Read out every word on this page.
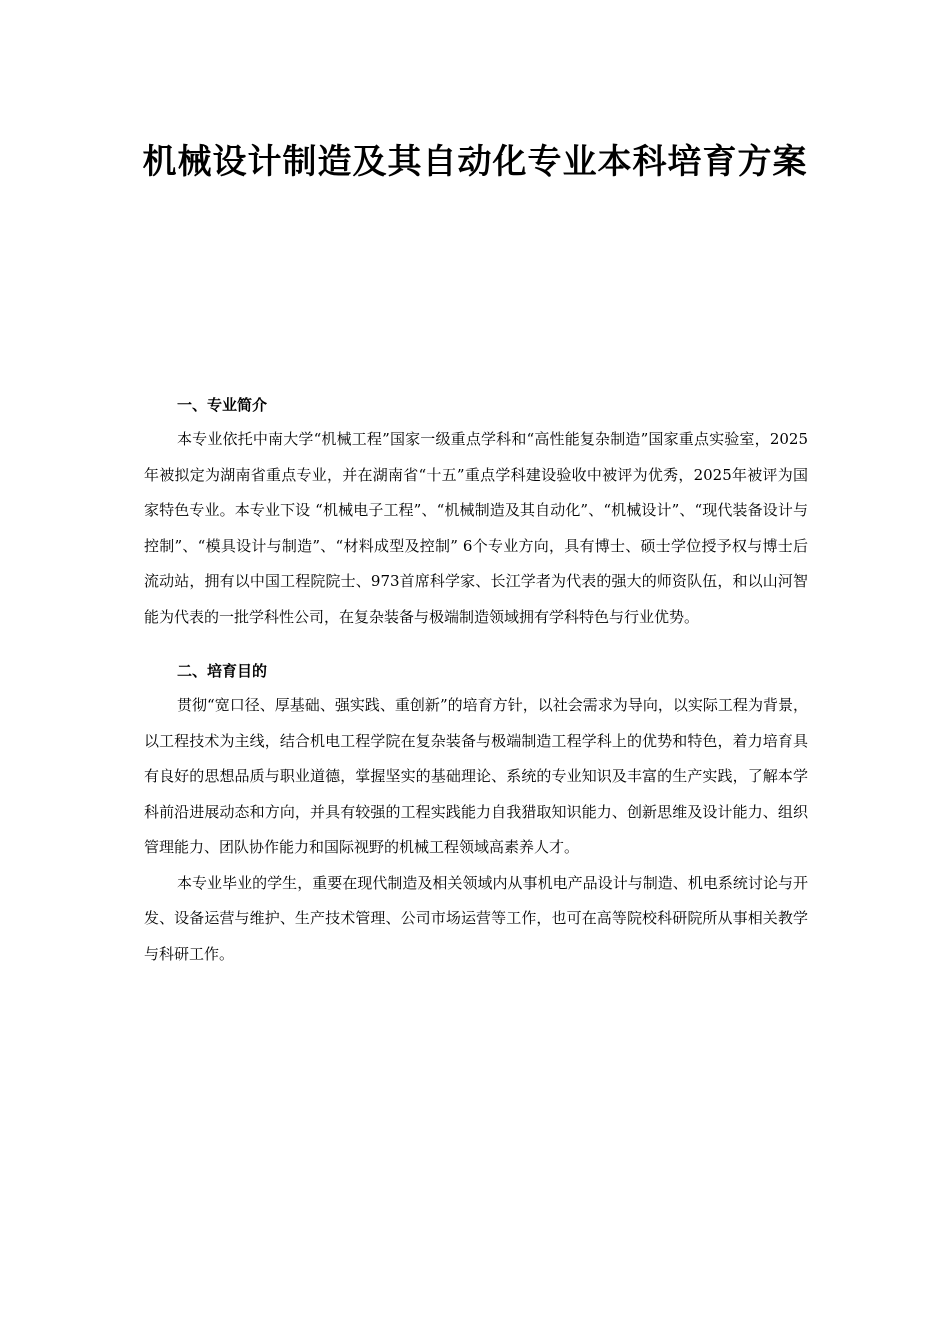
机械设计制造及其自动化专业本科培育方案
一、专业简介

本专业依托中南大学“机械工程”国家一级重点学科和“高性能复杂制造”国家重点实验室，2025年被拟定为湖南省重点专业，并在湖南省“十五”重点学科建设验收中被评为优秀，2025年被评为国家特色专业。本专业下设 “机械电子工程”、“机械制造及其自动化”、“机械设计”、“现代装备设计与控制”、“模具设计与制造”、“材料成型及控制” 6个专业方向，具有博士、硕士学位授予权与博士后流动站，拥有以中国工程院院士、973首席科学家、长江学者为代表的强大的师资队伍，和以山河智能为代表的一批学科性公司，在复杂装备与极端制造领域拥有学科特色与行业优势。

二、培育目的

贯彻“宽口径、厚基础、强实践、重创新”的培育方针，以社会需求为导向，以实际工程为背景，以工程技术为主线，结合机电工程学院在复杂装备与极端制造工程学科上的优势和特色，着力培育具有良好的思想品质与职业道德，掌握坚实的基础理论、系统的专业知识及丰富的生产实践，了解本学科前沿进展动态和方向，并具有较强的工程实践能力自我猎取知识能力、创新思维及设计能力、组织管理能力、团队协作能力和国际视野的机械工程领域高素养人才。

本专业毕业的学生，重要在现代制造及相关领域内从事机电产品设计与制造、机电系统讨论与开发、设备运营与维护、生产技术管理、公司市场运营等工作，也可在高等院校科研院所从事相关教学与科研工作。
